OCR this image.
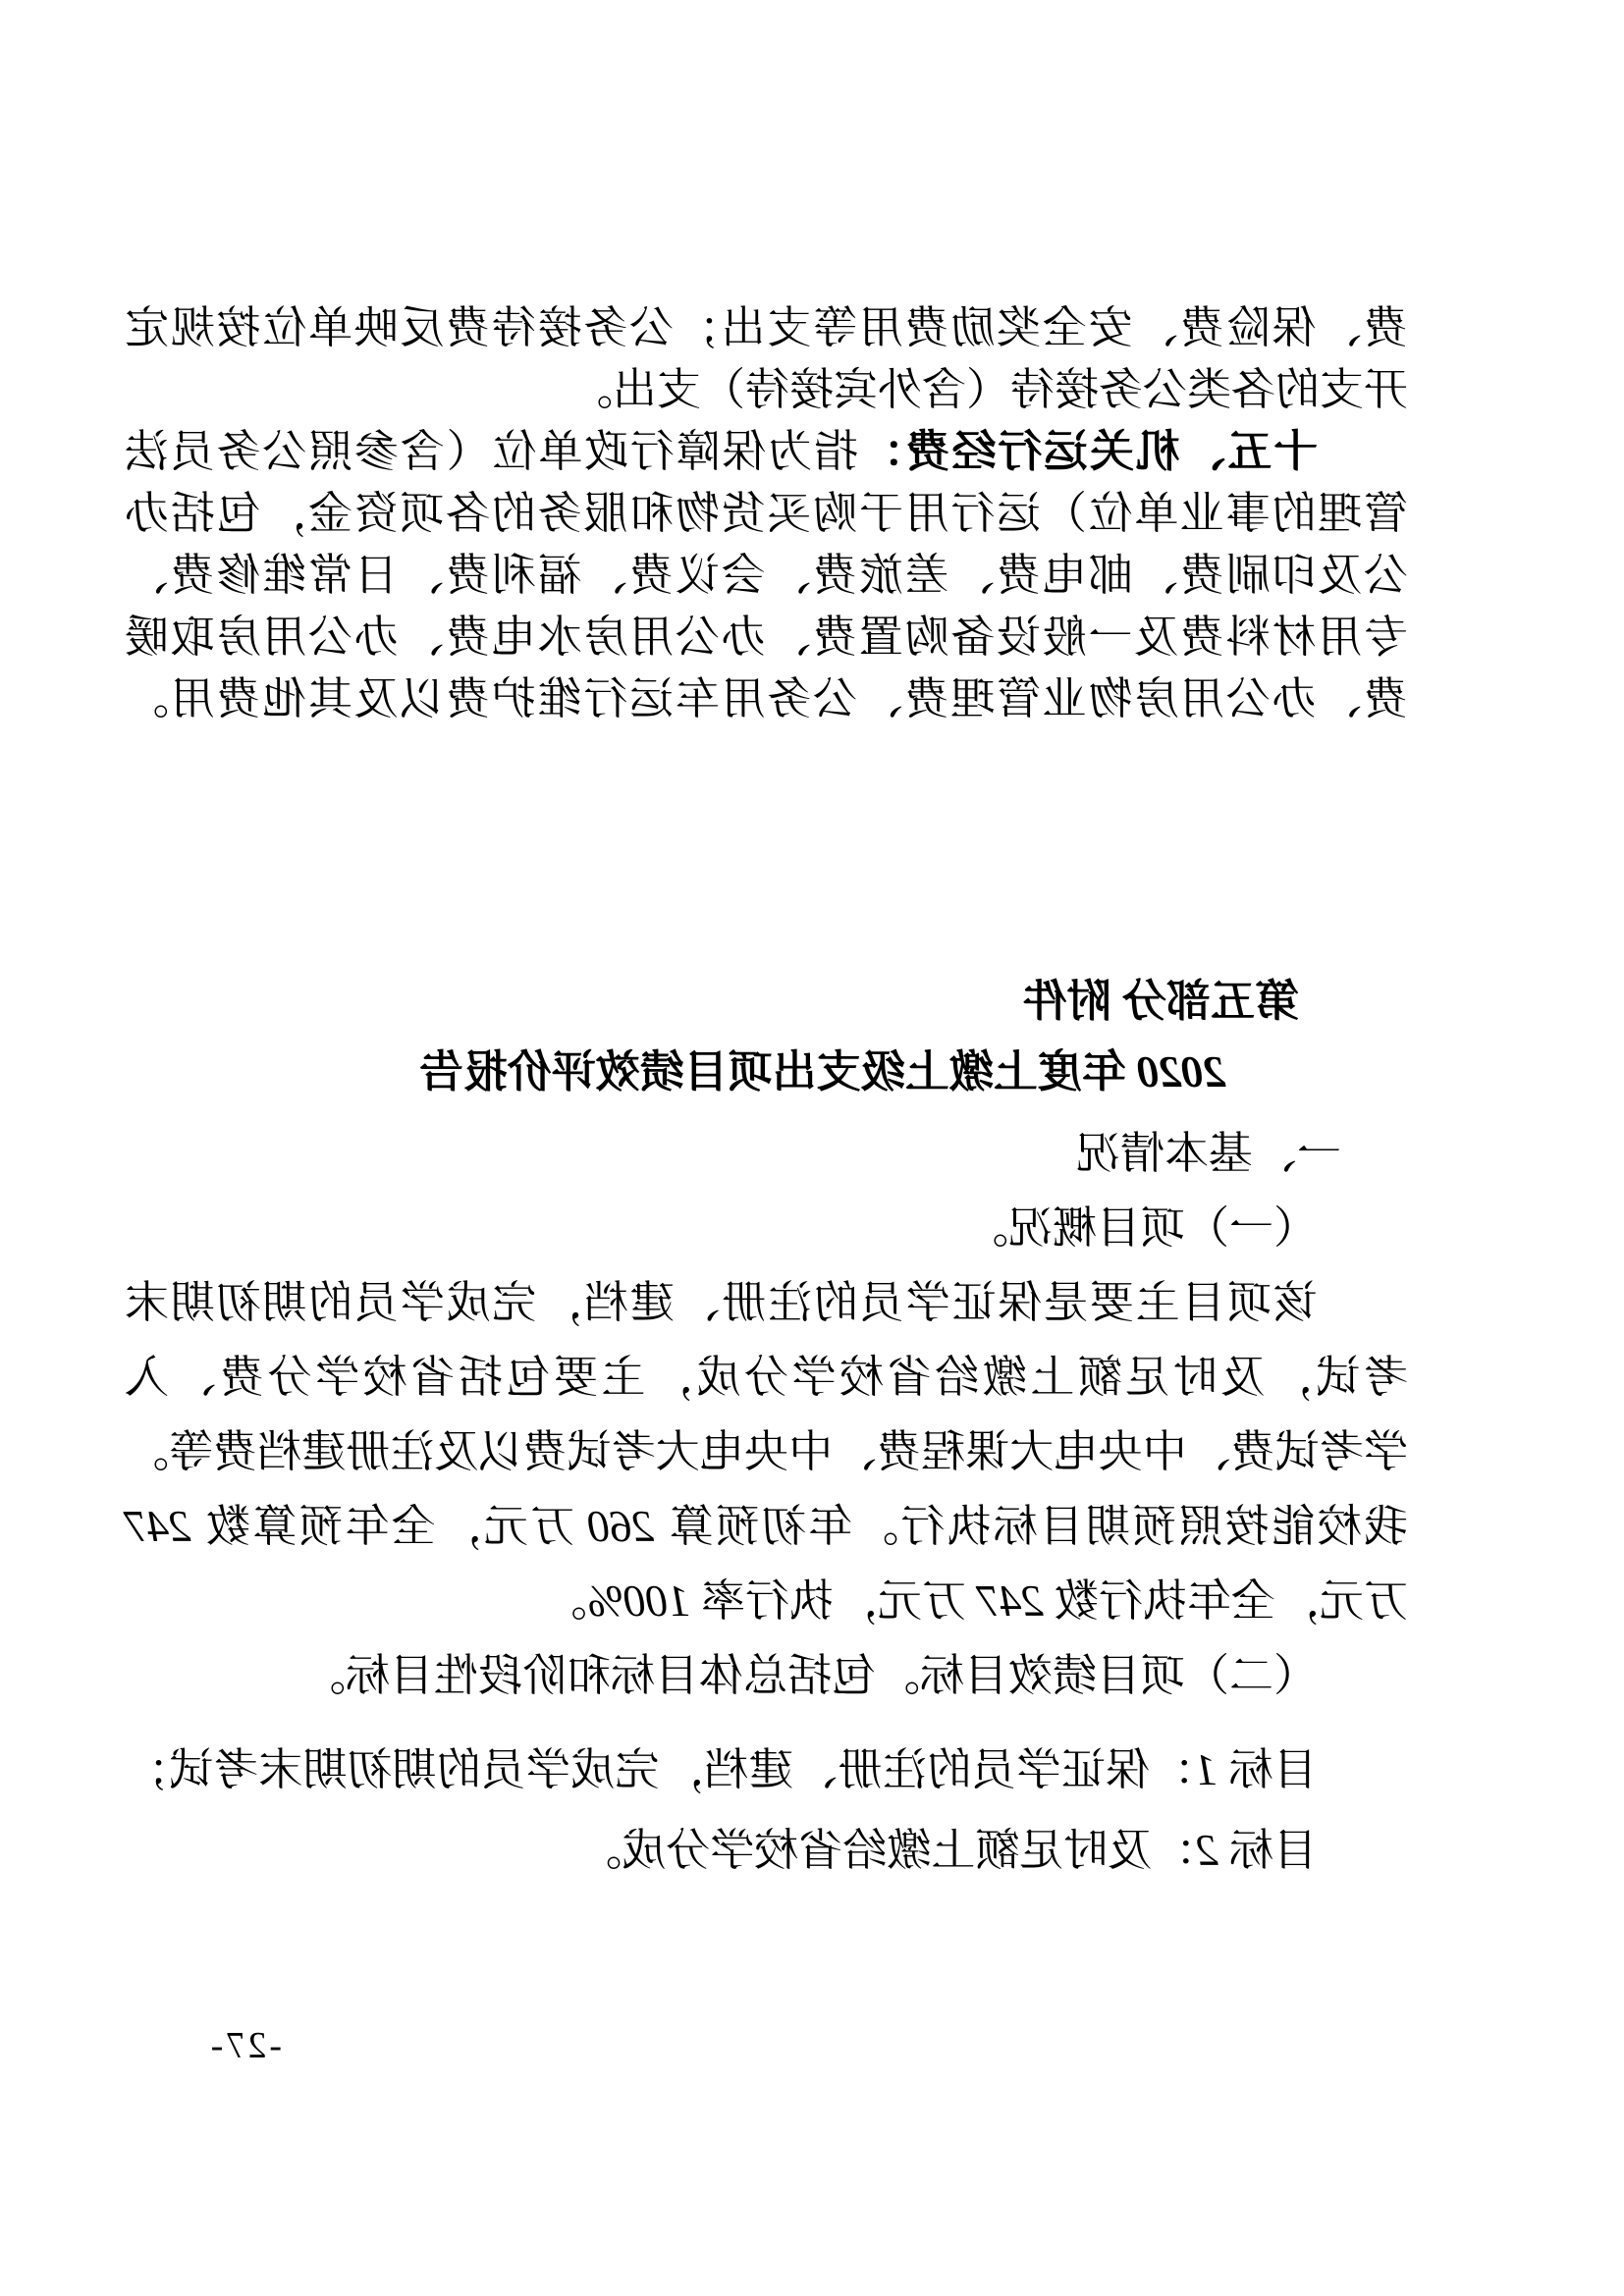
费、保险费、安全奖励费用等支出；公务接待费反映单位按规定
开支的各类公务接待（含外宾接待）支出。
十五、机关运行经费：指为保障行政单位（含参照公务员法
管理的事业单位）运行用于购买货物和服务的各项资金，包括办
公及印刷费、邮电费、差旅费、会议费、福利费、日常维修费、
专用材料费及一般设备购置费、办公用房水电费、办公用房取暖
费、办公用房物业管理费、公务用车运行维护费以及其他费用。
第五部分 附件
2020 年度上缴上级支出项目绩效评价报告
一、基本情况
（一）项目概况。
该项目主要是保证学员的注册、建档，完成学员的期初期末
考试，及时足额上缴给省校学分成，主要包括省校学分费、入
学考试费、中央电大课程费、中央电大考试费以及注册建档费等。
我校能按照预期目标执行。年初预算 260 万元，全年预算数 247
万元，全年执行数 247 万元，执行率 100%。
（二）项目绩效目标。包括总体目标和阶段性目标。
目标 1：保证学员的注册、建档，完成学员的期初期末考试；
目标 2：及时足额上缴给省校学分成。
-27-
